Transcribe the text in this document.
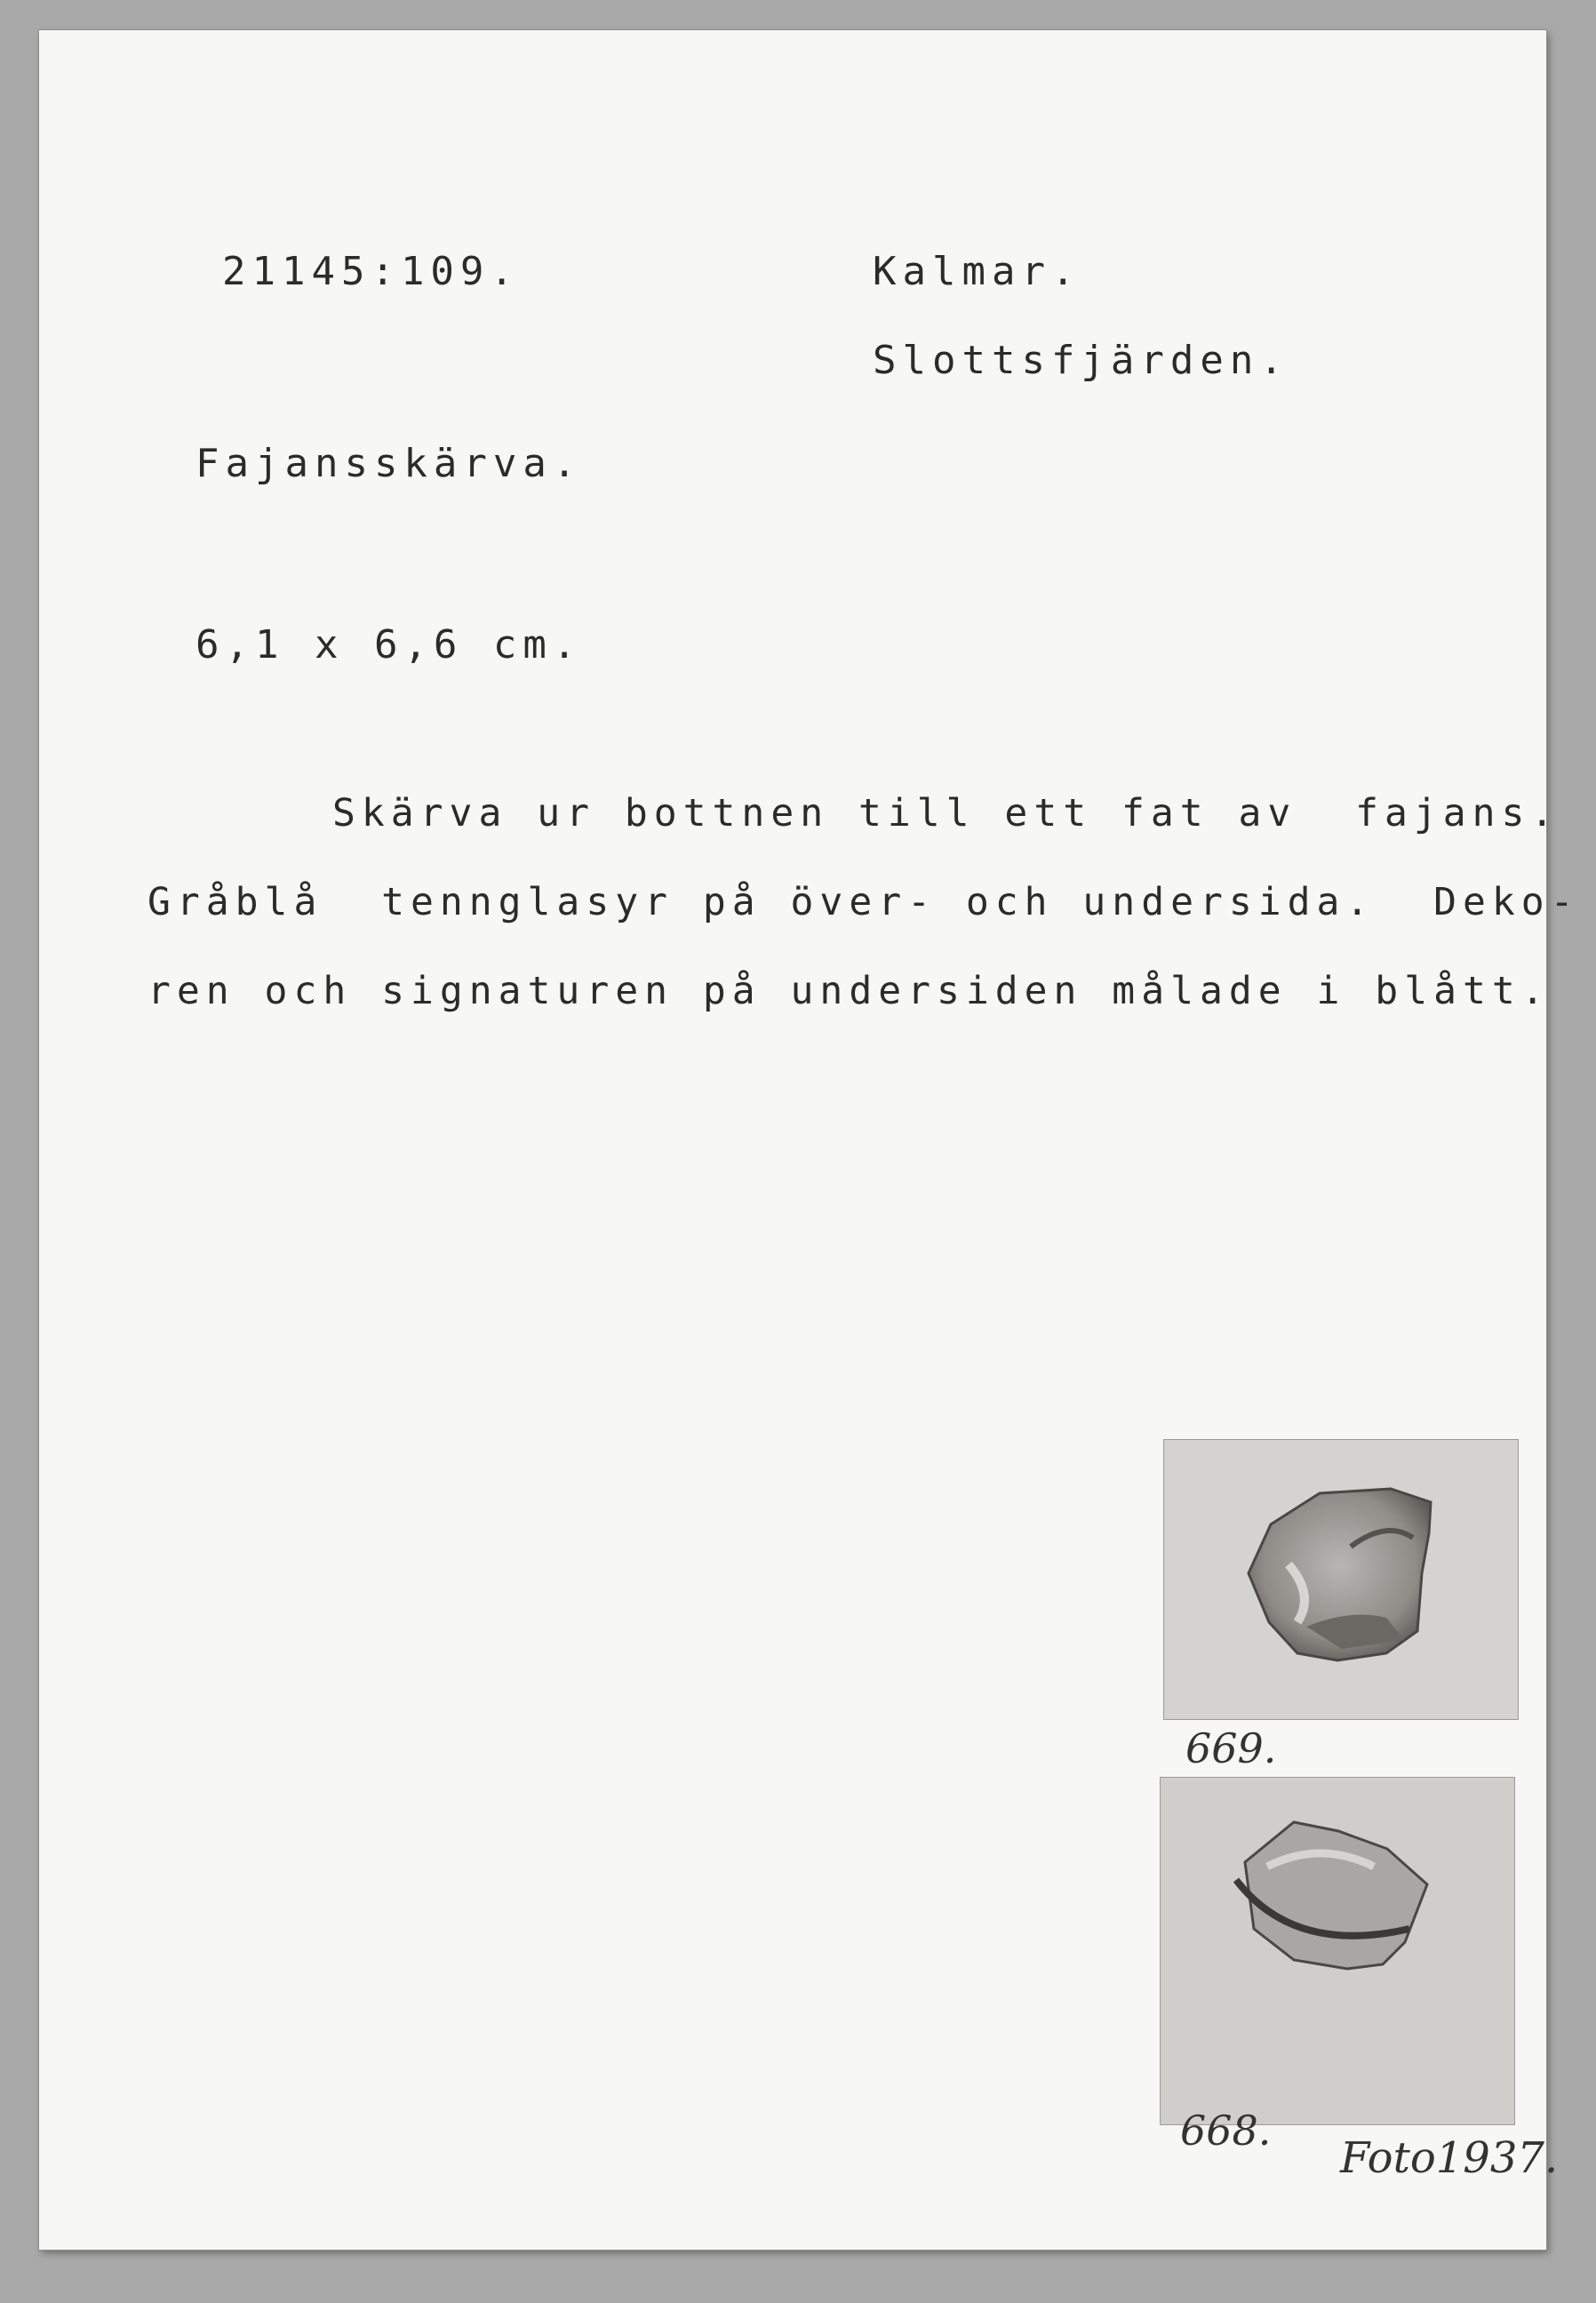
21145:109.	Kalmar.
Slottsfjärden.
Fajansskärva.
6,1 x 6,6 cm.
Skärva ur bottnen till ett fat av  fajans.
Gråblå  tennglasyr på över- och undersida.  Deko-
ren och signaturen på undersiden målade i blått.
669.
668.
Foto1937.
